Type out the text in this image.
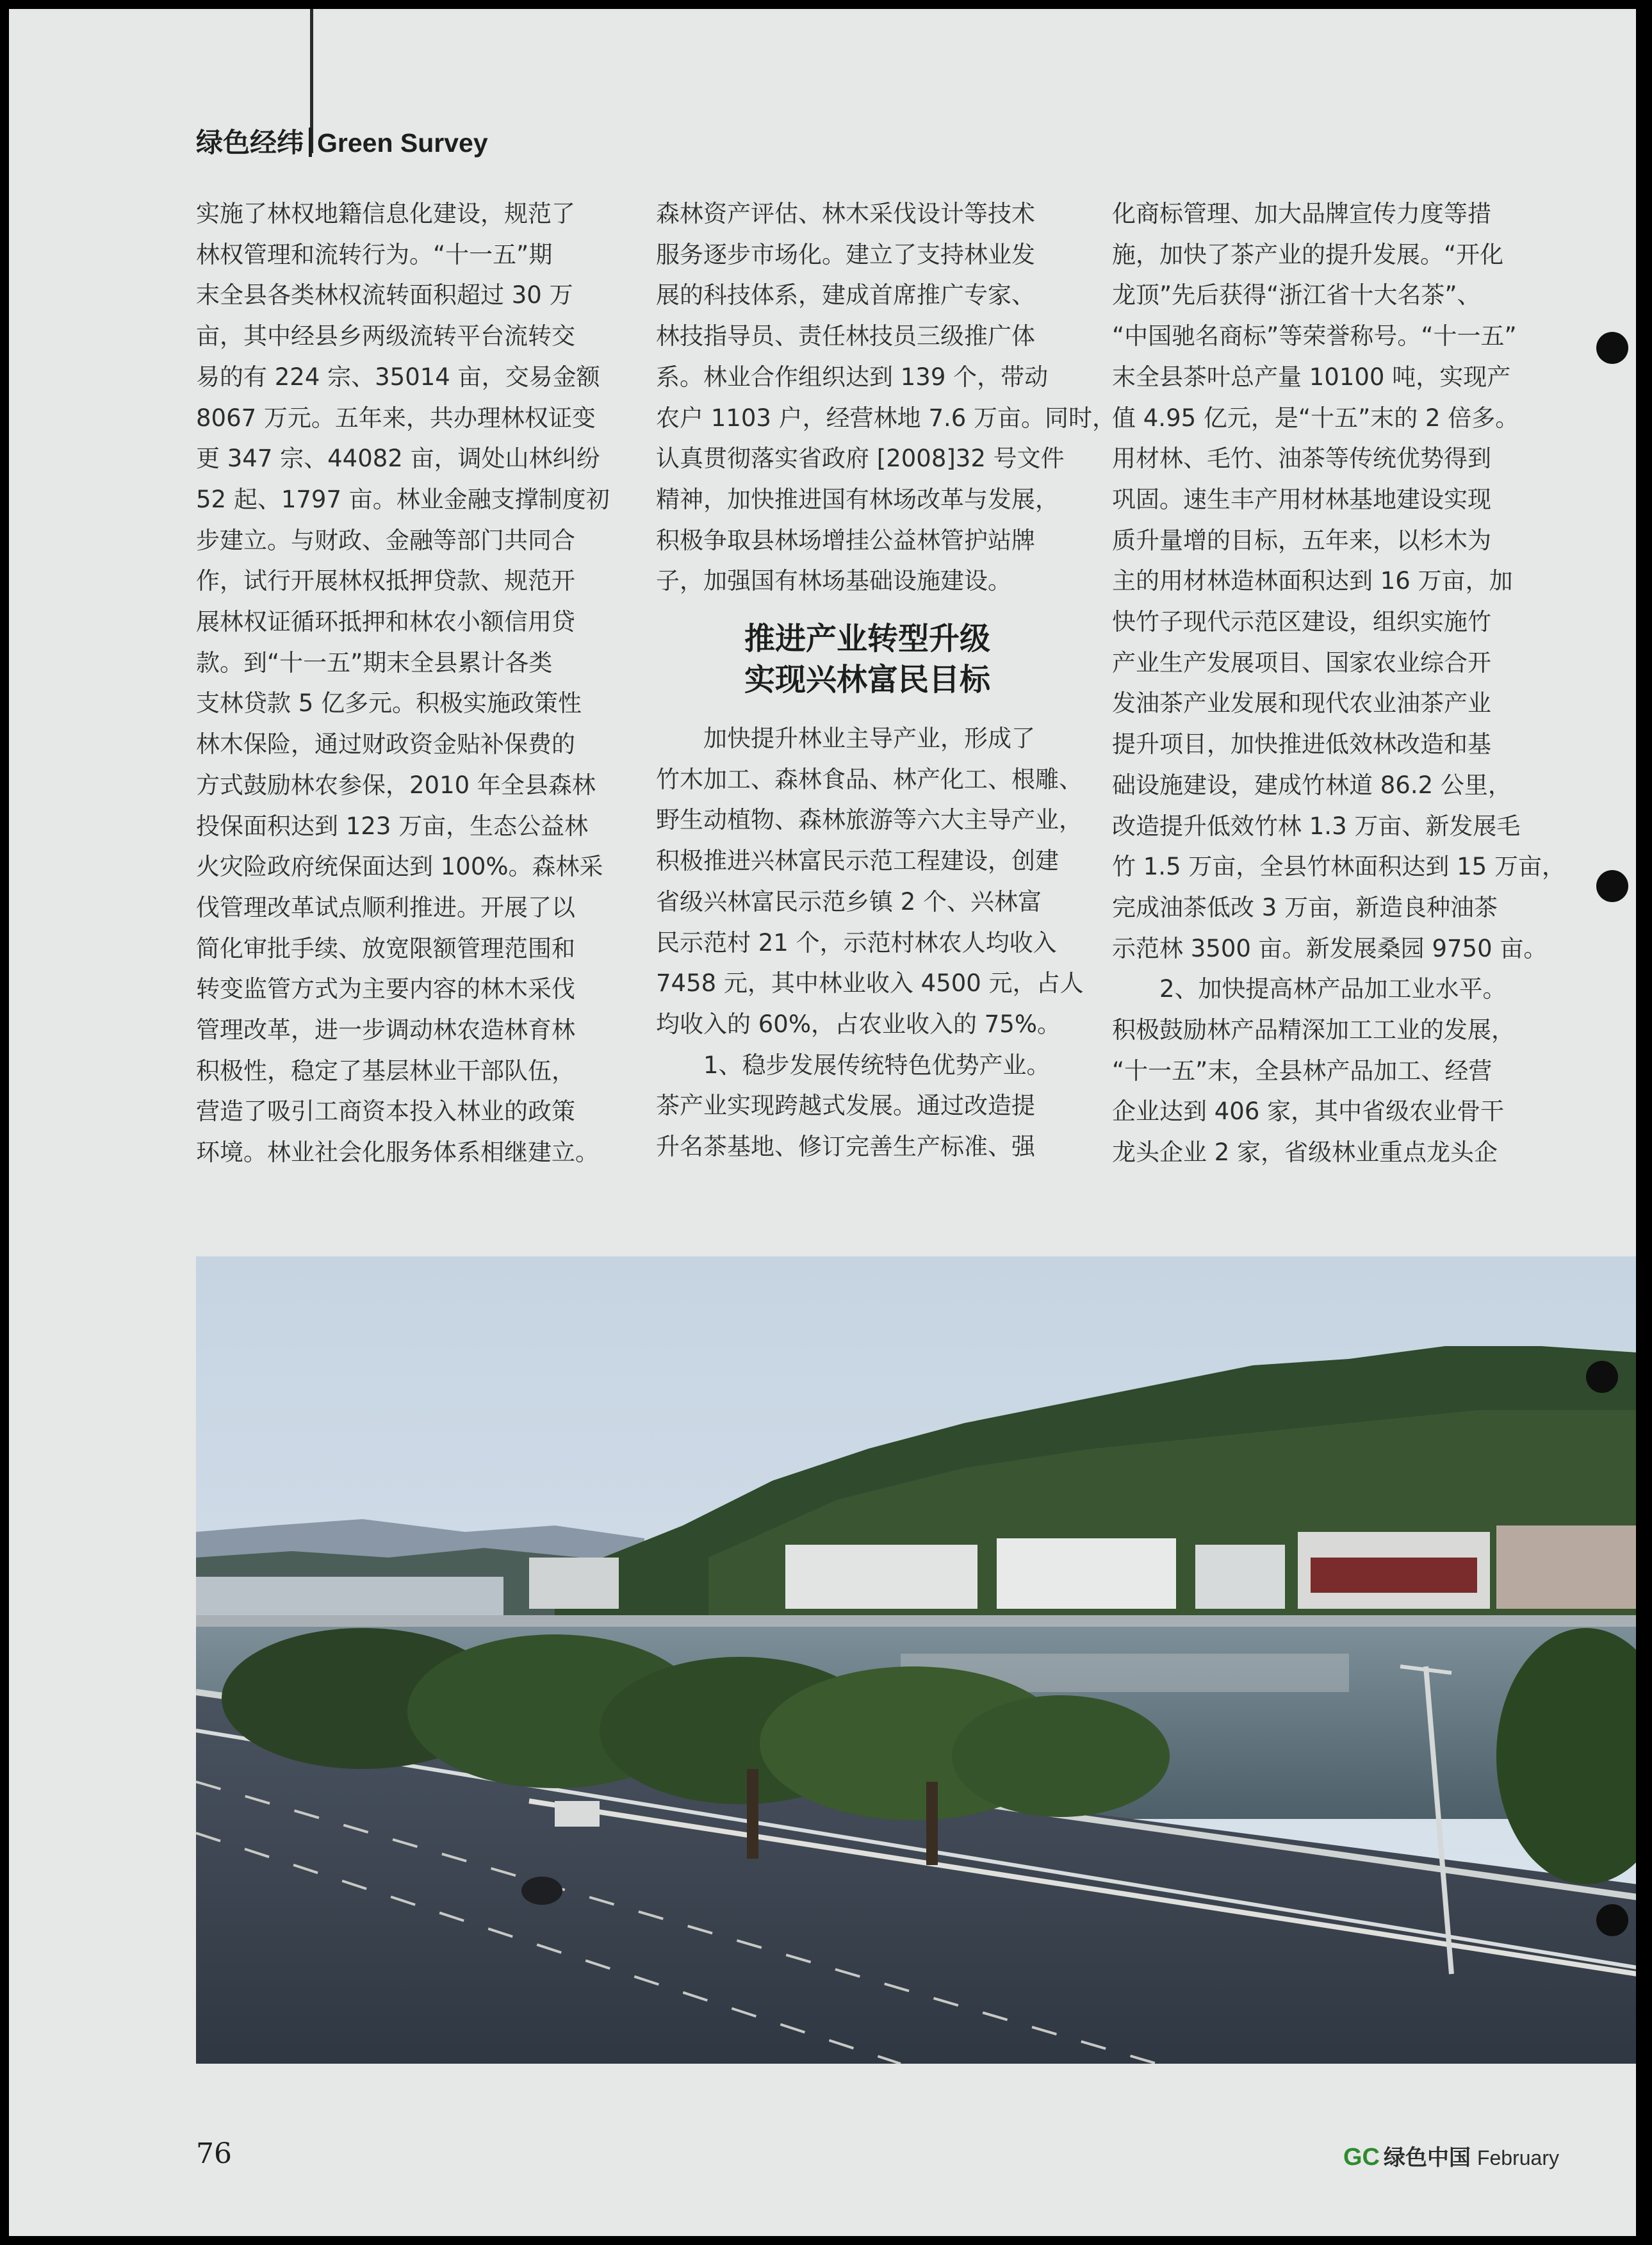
绿色经纬 Green Survey

实施了林权地籍信息化建设，规范了

林权管理和流转行为。“十一五”期

末全县各类林权流转面积超过 30 万

亩，其中经县乡两级流转平台流转交

易的有 224 宗、35014 亩，交易金额

8067 万元。五年来，共办理林权证变

更 347 宗、44082 亩，调处山林纠纷

52 起、1797 亩。林业金融支撑制度初

步建立。与财政、金融等部门共同合

作，试行开展林权抵押贷款、规范开

展林权证循环抵押和林农小额信用贷

款。到“十一五”期末全县累计各类

支林贷款 5 亿多元。积极实施政策性

林木保险，通过财政资金贴补保费的

方式鼓励林农参保，2010 年全县森林

投保面积达到 123 万亩，生态公益林

火灾险政府统保面达到 100%。森林采

伐管理改革试点顺利推进。开展了以

简化审批手续、放宽限额管理范围和

转变监管方式为主要内容的林木采伐

管理改革，进一步调动林农造林育林

积极性，稳定了基层林业干部队伍，

营造了吸引工商资本投入林业的政策

环境。林业社会化服务体系相继建立。

森林资产评估、林木采伐设计等技术

服务逐步市场化。建立了支持林业发

展的科技体系，建成首席推广专家、

林技指导员、责任林技员三级推广体

系。林业合作组织达到 139 个，带动

农户 1103 户，经营林地 7.6 万亩。同时，

认真贯彻落实省政府 [2008]32 号文件

精神，加快推进国有林场改革与发展，

积极争取县林场增挂公益林管护站牌

子，加强国有林场基础设施建设。

推进产业转型升级
实现兴林富民目标

加快提升林业主导产业，形成了

竹木加工、森林食品、林产化工、根雕、

野生动植物、森林旅游等六大主导产业，

积极推进兴林富民示范工程建设，创建

省级兴林富民示范乡镇 2 个、兴林富

民示范村 21 个，示范村林农人均收入

7458 元，其中林业收入 4500 元，占人

均收入的 60%，占农业收入的 75%。

1、稳步发展传统特色优势产业。

茶产业实现跨越式发展。通过改造提

升名茶基地、修订完善生产标准、强

化商标管理、加大品牌宣传力度等措

施，加快了茶产业的提升发展。“开化

龙顶”先后获得“浙江省十大名茶”、

“中国驰名商标”等荣誉称号。“十一五”

末全县茶叶总产量 10100 吨，实现产

值 4.95 亿元，是“十五”末的 2 倍多。

用材林、毛竹、油茶等传统优势得到

巩固。速生丰产用材林基地建设实现

质升量增的目标，五年来，以杉木为

主的用材林造林面积达到 16 万亩，加

快竹子现代示范区建设，组织实施竹

产业生产发展项目、国家农业综合开

发油茶产业发展和现代农业油茶产业

提升项目，加快推进低效林改造和基

础设施建设，建成竹林道 86.2 公里，

改造提升低效竹林 1.3 万亩、新发展毛

竹 1.5 万亩，全县竹林面积达到 15 万亩，

完成油茶低改 3 万亩，新造良种油茶

示范林 3500 亩。新发展桑园 9750 亩。

2、加快提高林产品加工业水平。

积极鼓励林产品精深加工工业的发展，

“十一五”末，全县林产品加工、经营

企业达到 406 家，其中省级农业骨干

龙头企业 2 家，省级林业重点龙头企

76	GC 绿色中国 February
